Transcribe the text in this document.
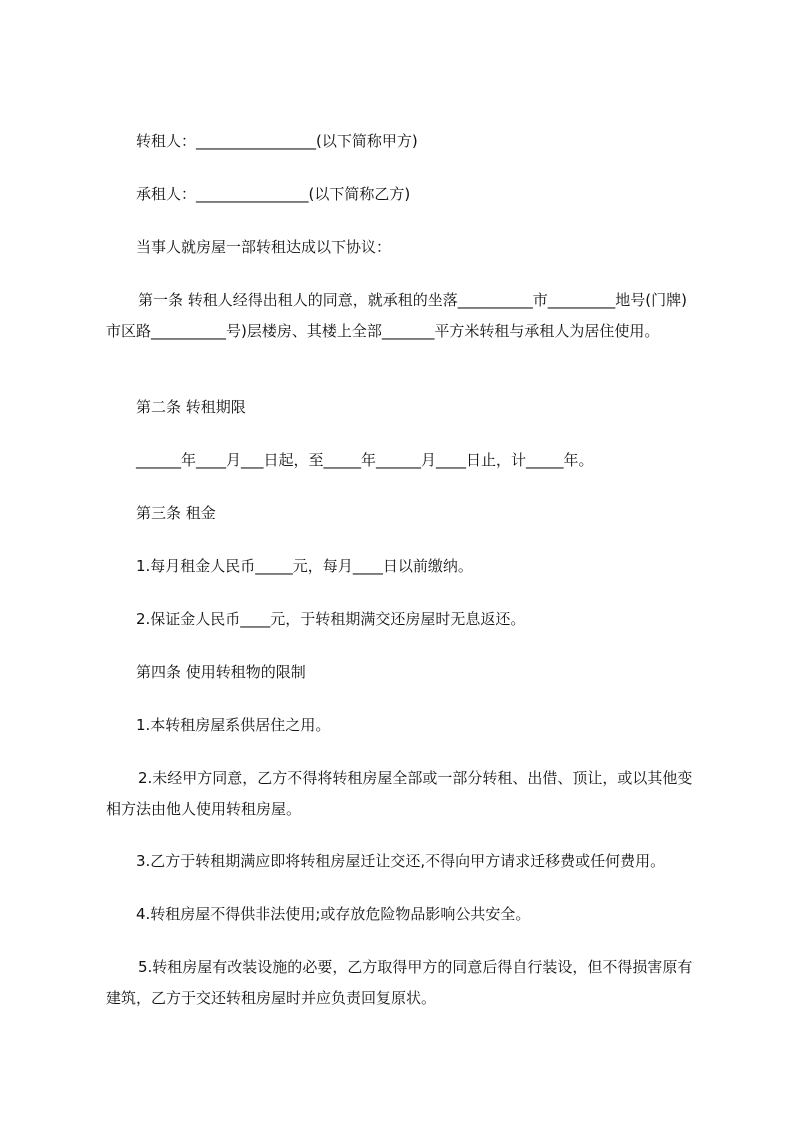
转租人：________________(以下简称甲方)

承租人：_______________(以下简称乙方)

当事人就房屋一部转租达成以下协议：

第一条 转租人经得出租人的同意，就承租的坐落__________市_________地号(门牌)市区路__________号)层楼房、其楼上全部_______平方米转租与承租人为居住使用。

第二条 转租期限

______年____月___日起，至_____年______月____日止，计_____年。

第三条 租金

1.每月租金人民币_____元，每月____日以前缴纳。

2.保证金人民币____元，于转租期满交还房屋时无息返还。

第四条 使用转租物的限制

1.本转租房屋系供居住之用。

2.未经甲方同意，乙方不得将转租房屋全部或一部分转租、出借、顶让，或以其他变相方法由他人使用转租房屋。

3.乙方于转租期满应即将转租房屋迁让交还,不得向甲方请求迁移费或任何费用。

4.转租房屋不得供非法使用;或存放危险物品影响公共安全。

5.转租房屋有改装设施的必要，乙方取得甲方的同意后得自行装设，但不得损害原有建筑，乙方于交还转租房屋时并应负责回复原状。
